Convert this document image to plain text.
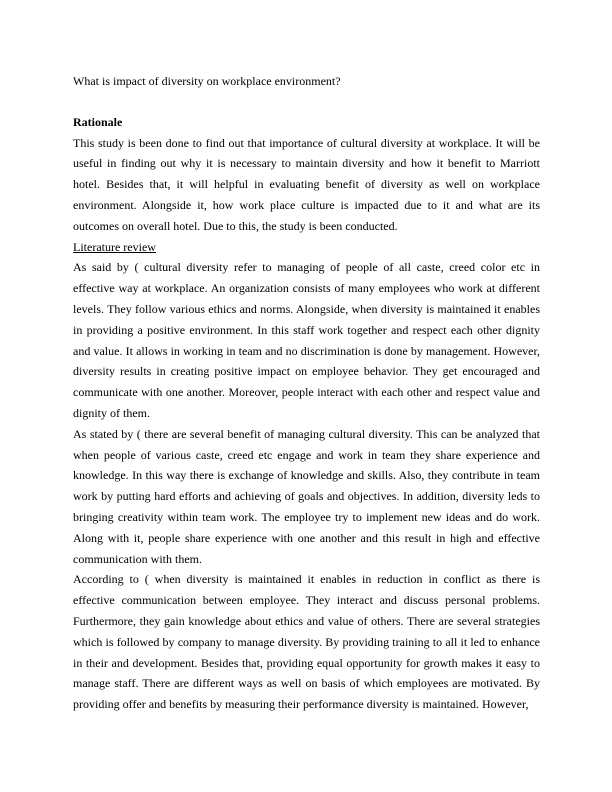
What is impact of diversity on workplace environment?

Rationale

This study is been done to find out that importance of cultural diversity at workplace. It will be useful in finding out why it is necessary to maintain diversity and how it benefit to Marriott hotel. Besides that, it will helpful in evaluating benefit of diversity as well on workplace environment. Alongside it, how work place culture is impacted due to it and what are its outcomes on overall hotel. Due to this, the study is been conducted.

Literature review

As said by ( cultural diversity refer to managing of people of all caste, creed color etc in effective way at workplace. An organization consists of many employees who work at different levels. They follow various ethics and norms. Alongside, when diversity is maintained it enables in providing a positive environment. In this staff work together and respect each other dignity and value. It allows in working in team and no discrimination is done by management. However, diversity results in creating positive impact on employee behavior. They get encouraged and communicate with one another. Moreover, people interact with each other and respect value and dignity of them.

As stated by ( there are several benefit of managing cultural diversity. This can be analyzed that when people of various caste, creed etc engage and work in team they share experience and knowledge. In this way there is exchange of knowledge and skills. Also, they contribute in team work by putting hard efforts and achieving of goals and objectives. In addition, diversity leds to bringing creativity within team work. The employee try to implement new ideas and do work. Along with it, people share experience with one another and this result in high and effective communication with them.

According to ( when diversity is maintained it enables in reduction in conflict as there is effective communication between employee. They interact and discuss personal problems. Furthermore, they gain knowledge about ethics and value of others. There are several strategies which is followed by company to manage diversity. By providing training to all it led to enhance in their and development. Besides that, providing equal opportunity for growth makes it easy to manage staff. There are different ways as well on basis of which employees are motivated. By providing offer and benefits by measuring their performance diversity is maintained. However,
